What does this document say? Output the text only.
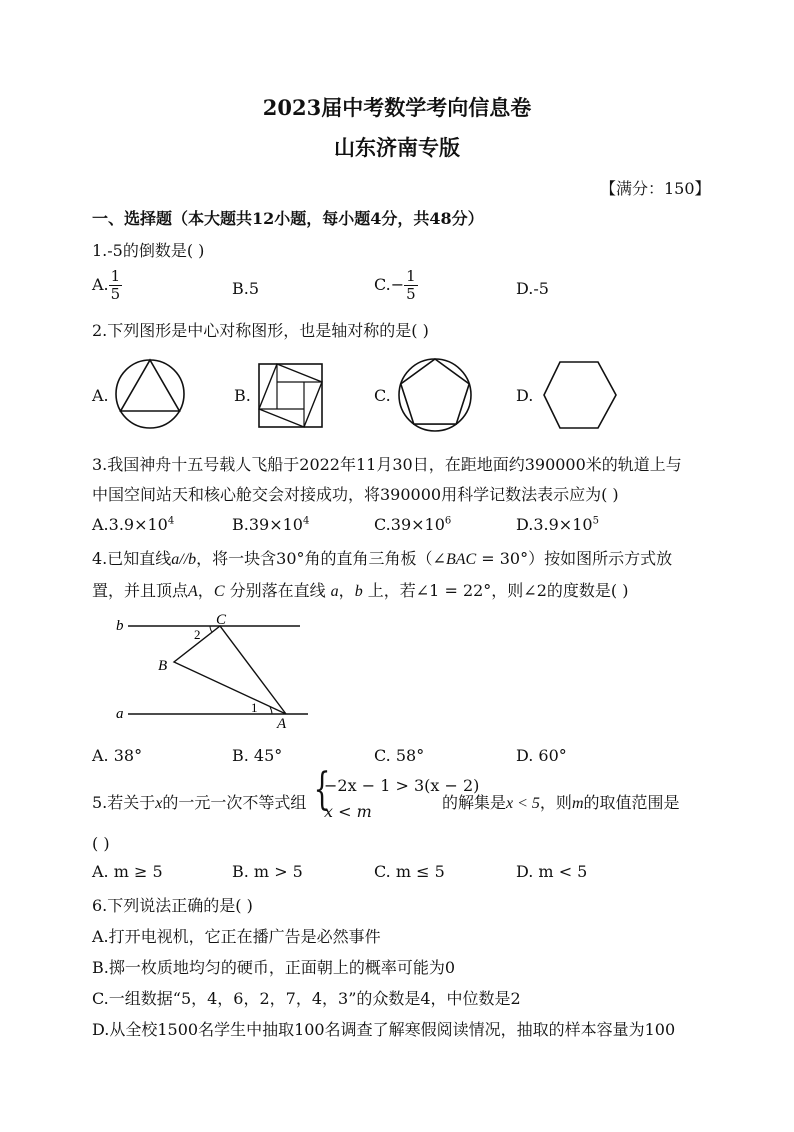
2023届中考数学考向信息卷
山东济南专版
【满分：150】
一、选择题（本大题共12小题，每小题4分，共48分）
1.-5的倒数是( )
A. $\frac{1}{5}$	B.5	$C.- \frac{1}{5}$	D.-5
2.下列图形是中心对称图形，也是轴对称的是( )
A.	B.	C.	D.
3.我国神舟十五号载人飞船于2022年11月30日，在距地面约390000米的轨道上与
中国空间站天和核心舱交会对接成功，将390000用科学记数法表示应为( )
$A.3.9\times 10^4$	$B.39\times 10^4$	$C.39\times 10^6$	$D.3.9\times 10^5$
4.已知直线a//b，将一块含30°角的直角三角板（∠BAC = 30°）按如图所示方式放
置，并且顶点A，C 分别落在直线 a，b 上，若∠1 = 22°，则∠2的度数是( )
b
a
C
B
A
1
2
A. 38°	B. 45°	C. 58°	D. 60°
5.若关于x的一元一次不等式组 {
−2x − 1 > 3(x − 2)
x < m	的解集是x < 5，则m的取值范围是
( )
A. m ≥ 5	B. m > 5	C. m ≤ 5	D. m < 5
6.下列说法正确的是( )
A.打开电视机，它正在播广告是必然事件
B.掷一枚质地均匀的硬币，正面朝上的概率可能为0
C.一组数据“5，4，6，2，7，4，3”的众数是4，中位数是2
D.从全校1500名学生中抽取100名调查了解寒假阅读情况，抽取的样本容量为100
